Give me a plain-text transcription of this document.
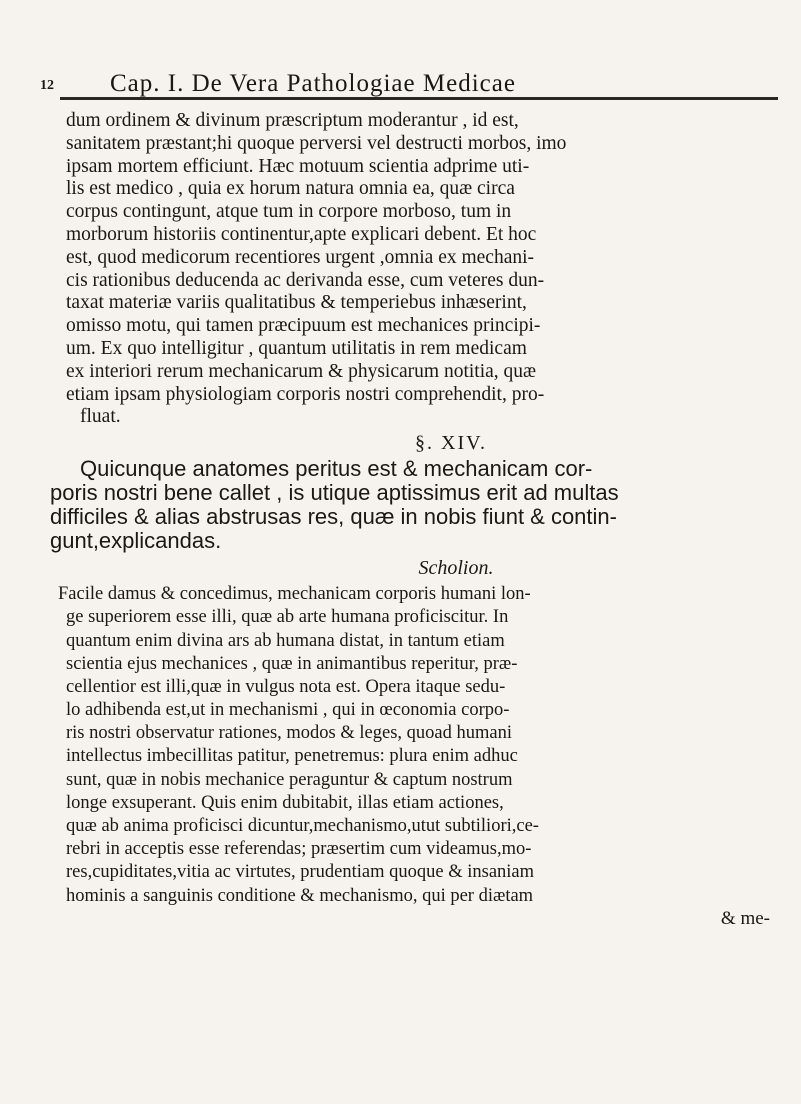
12 Cap. I. De Vera Pathologiae Medicae
dum ordinem & divinum præscriptum moderantur , id est,
sanitatem præstant;hi quoque perversi vel destructi morbos, imo
ipsam mortem efficiunt. Hæc motuum scientia adprime uti-
lis est medico , quia ex horum natura omnia ea, quæ circa
corpus contingunt, atque tum in corpore morboso, tum in
morborum historiis continentur,apte explicari debent. Et hoc
est, quod medicorum recentiores urgent ,omnia ex mechani-
cis rationibus deducenda ac derivanda esse, cum veteres dun-
taxat materiæ variis qualitatibus & temperiebus inhæserint,
omisso motu, qui tamen præcipuum est mechanices principi-
um. Ex quo intelligitur , quantum utilitatis in rem medicam
ex interiori rerum mechanicarum & physicarum notitia, quæ
etiam ipsam physiologiam corporis nostri comprehendit, pro-
fluat.
§. XIV.
Quicunque anatomes peritus est & mechanicam cor-
poris nostri bene callet , is utique aptissimus erit ad multas
difficiles & alias abstrusas res, quæ in nobis fiunt & contin-
gunt,explicandas.
Scholion.
Facile damus & concedimus, mechanicam corporis humani lon-
ge superiorem esse illi, quæ ab arte humana proficiscitur. In
quantum enim divina ars ab humana distat, in tantum etiam
scientia ejus mechanices , quæ in animantibus reperitur, præ-
cellentior est illi,quæ in vulgus nota est. Opera itaque sedu-
lo adhibenda est,ut in mechanismi , qui in œconomia corpo-
ris nostri observatur rationes, modos & leges, quoad humani
intellectus imbecillitas patitur, penetremus: plura enim adhuc
sunt, quæ in nobis mechanice peraguntur & captum nostrum
longe exsuperant. Quis enim dubitabit, illas etiam actiones,
quæ ab anima proficisci dicuntur,mechanismo,utut subtiliori,ce-
rebri in acceptis esse referendas; præsertim cum videamus,mo-
res,cupiditates,vitia ac virtutes, prudentiam quoque & insaniam
hominis a sanguinis conditione & mechanismo, qui per diætam
& me-
